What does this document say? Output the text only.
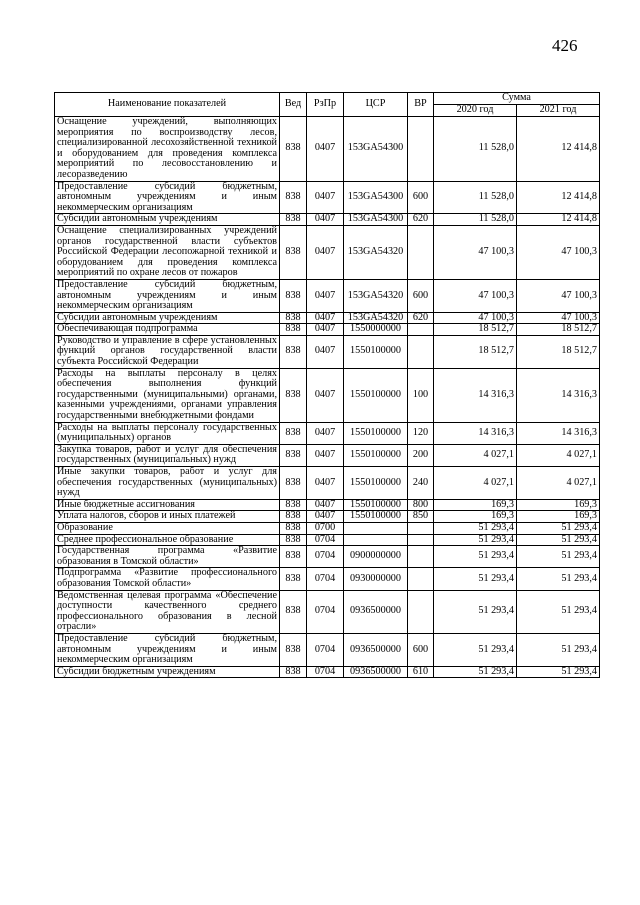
426
Наименование показателей	Вед	РзПр	ЦСР	ВР	Сумма	
					2020 год	2021 год
Оснащение учреждений, выполняющих мероприятия по воспроизводству лесов, специализированной лесохозяйственной техникой и оборудованием для проведения комплекса мероприятий по лесовосстановлению и лесоразведению	838	0407	153GA54300		11 528,0	12 414,8
Предоставление субсидий бюджетным, автономным учреждениям и иным некоммерческим организациям	838	0407	153GA54300	600	11 528,0	12 414,8
Субсидии автономным учреждениям	838	0407	153GA54300	620	11 528,0	12 414,8
Оснащение специализированных учреждений органов государственной власти субъектов Российской Федерации лесопожарной техникой и оборудованием для проведения комплекса мероприятий по охране лесов от пожаров	838	0407	153GA54320		47 100,3	47 100,3
Предоставление субсидий бюджетным, автономным учреждениям и иным некоммерческим организациям	838	0407	153GA54320	600	47 100,3	47 100,3
Субсидии автономным учреждениям	838	0407	153GA54320	620	47 100,3	47 100,3
Обеспечивающая подпрограмма	838	0407	1550000000		18 512,7	18 512,7
Руководство и управление в сфере установленных функций органов государственной власти субъекта Российской Федерации	838	0407	1550100000		18 512,7	18 512,7
Расходы на выплаты персоналу в целях обеспечения выполнения функций государственными (муниципальными) органами, казенными учреждениями, органами управления государственными внебюджетными фондами	838	0407	1550100000	100	14 316,3	14 316,3
Расходы на выплаты персоналу государственных (муниципальных) органов	838	0407	1550100000	120	14 316,3	14 316,3
Закупка товаров, работ и услуг для обеспечения государственных (муниципальных) нужд	838	0407	1550100000	200	4 027,1	4 027,1
Иные закупки товаров, работ и услуг для обеспечения государственных (муниципальных) нужд	838	0407	1550100000	240	4 027,1	4 027,1
Иные бюджетные ассигнования	838	0407	1550100000	800	169,3	169,3
Уплата налогов, сборов и иных платежей	838	0407	1550100000	850	169,3	169,3
Образование	838	0700			51 293,4	51 293,4
Среднее профессиональное образование	838	0704			51 293,4	51 293,4
Государственная программа «Развитие образования в Томской области»	838	0704	0900000000		51 293,4	51 293,4
Подпрограмма «Развитие профессионального образования Томской области»	838	0704	0930000000		51 293,4	51 293,4
Ведомственная целевая программа «Обеспечение доступности качественного среднего профессионального образования в лесной отрасли»	838	0704	0936500000		51 293,4	51 293,4
Предоставление субсидий бюджетным, автономным учреждениям и иным некоммерческим организациям	838	0704	0936500000	600	51 293,4	51 293,4
Субсидии бюджетным учреждениям	838	0704	0936500000	610	51 293,4	51 293,4
